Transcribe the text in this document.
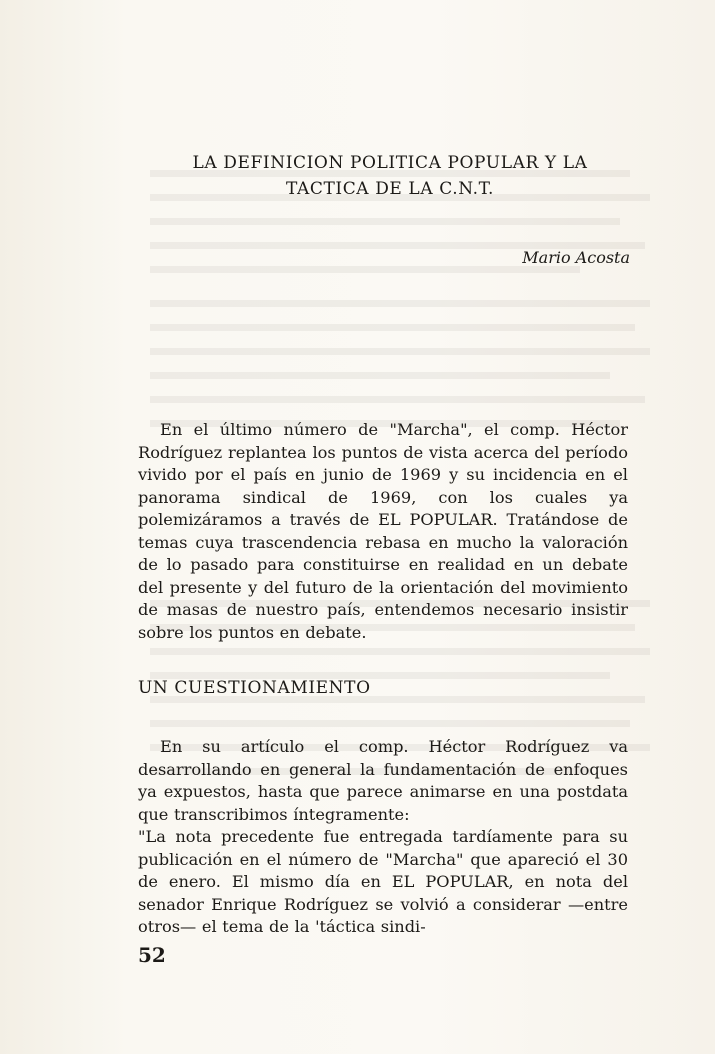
LA DEFINICION POLITICA POPULAR Y LA
TACTICA DE LA C.N.T.
Mario Acosta

En el último número de "Marcha", el comp. Héctor Rodríguez replantea los puntos de vista acerca del período vivido por el país en junio de 1969 y su incidencia en el panorama sindical de 1969, con los cuales ya polemizáramos a través de EL POPULAR. Tratándose de temas cuya trascendencia rebasa en mucho la valoración de lo pasado para constituirse en realidad en un debate del presente y del futuro de la orientación del movimiento de masas de nuestro país, entendemos necesario insistir sobre los puntos en debate.

UN CUESTIONAMIENTO

En su artículo el comp. Héctor Rodríguez va desarrollando en general la fundamentación de enfoques ya expuestos, hasta que parece animarse en una postdata que transcribimos íntegramente:

"La nota precedente fue entregada tardíamente para su publicación en el número de "Marcha" que apareció el 30 de enero. El mismo día en EL POPULAR, en nota del senador Enrique Rodríguez se volvió a considerar —entre otros— el tema de la 'táctica sindi-

52
